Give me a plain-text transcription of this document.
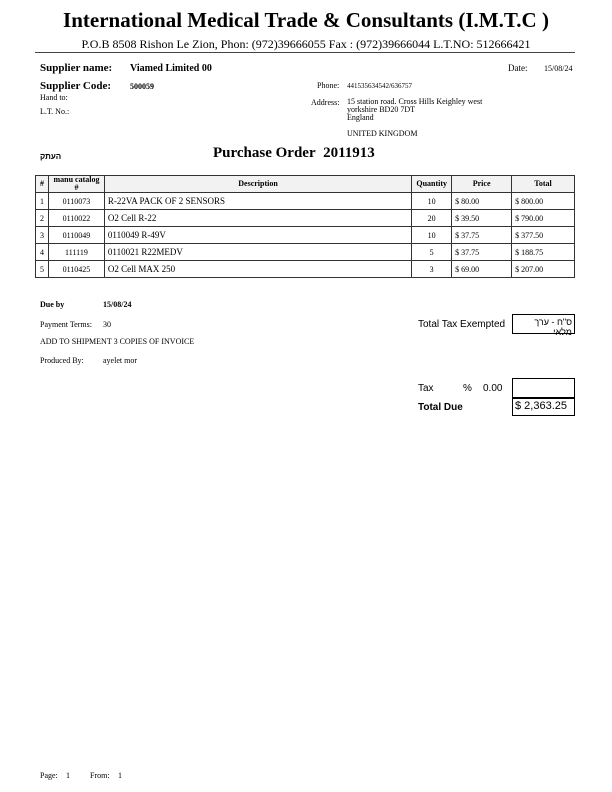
International Medical Trade & Consultants (I.M.T.C )
P.O.B 8508 Rishon Le Zion, Phon: (972)39666055 Fax : (972)39666044 L.T.NO: 512666421
Supplier name: Viamed Limited 00	Date: 15/08/24
Supplier Code: 500059
Hand to:
L.T. No.:
Phone: 441535634542/636757
Address: 15 station road. Cross Hills Keighley west
yorkshire BD20 7DT
England
UNITED KINGDOM
העתק	Purchase Order 2011913
#	manu catalog #	Description	Quantity	Price	Total
1	0110073	R-22VA PACK OF 2 SENSORS	10	$ 80.00	$ 800.00
2	0110022	O2 Cell R-22	20	$ 39.50	$ 790.00
3	0110049	0110049 R-49V	10	$ 37.75	$ 377.50
4	111119	0110021 R22MEDV	5	$ 37.75	$ 188.75
5	0110425	O2 Cell MAX 250	3	$ 69.00	$ 207.00
Due by	15/08/24
Payment Terms: 30
ADD TO SHIPMENT 3 COPIES OF INVOICE
Produced By: ayelet mor
Total Tax Exempted	ס"ח - ערך מלאי
Tax	% 0.00
Total Due	$ 2,363.25
Page: 1	From: 1
